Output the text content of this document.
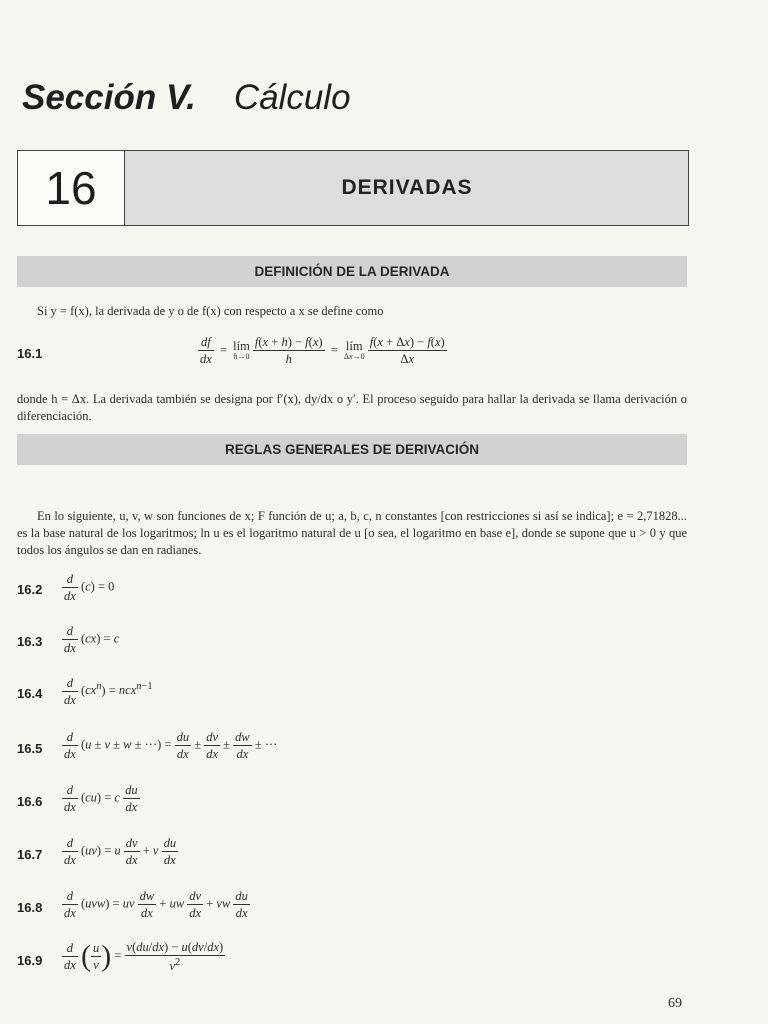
Sección V. Cálculo
16	DERIVADAS
DEFINICIÓN DE LA DERIVADA
Si y = f(x), la derivada de y o de f(x) con respecto a x se define como
16.1	$\frac{df}{dx}$ = lím
h→0
$\frac{f(x + h) - f(x)}{h}$ = lím
Δx→0
$\frac{f(x + \Delta x) - f(x)}{\Delta x}$
donde h = Δx. La derivada también se designa por f′(x), dy/dx o y′. El proceso seguido para hallar la derivada se llama derivación o diferenciación.
REGLAS GENERALES DE DERIVACIÓN
En lo siguiente, u, v, w son funciones de x; F función de u; a, b, c, n constantes [con restricciones si así se indica]; e = 2,71828... es la base natural de los logaritmos; ln u es el logaritmo natural de u [o sea, el logaritmo en base e], donde se supone que u > 0 y que todos los ángulos se dan en radianes.
$16.2 \frac{d}{dx} (c) = 0$
$16.3 \frac{d}{dx} (cx) = c$
$16.4 \frac{d}{dx} (cx^n) = ncx^{n-1}$
$16.5 \frac{d}{dx} (u \pm v \pm w$ ± ···) = $\frac{du}{dx} \pm \frac{dv}{dx} \pm \frac{dw}{dx}$ ± ···
$16.6 \frac{d}{dx} (cu) = c \frac{du}{dx}$
$16.7 \frac{d}{dx} (uv) = u \frac{dv}{dx} + v \frac{du}{dx}$
$16.8 \frac{d}{dx} (uvw)$ = uv $\frac{dw}{dx}$ + uw $\frac{dv}{dx}$ + vw $\frac{du}{dx}$
$16.9 \frac{d}{dx}$ ( $\frac{u}{v}$ ) = $\frac{v(du/dx) - u(dv/dx)}{v^2}$
69
